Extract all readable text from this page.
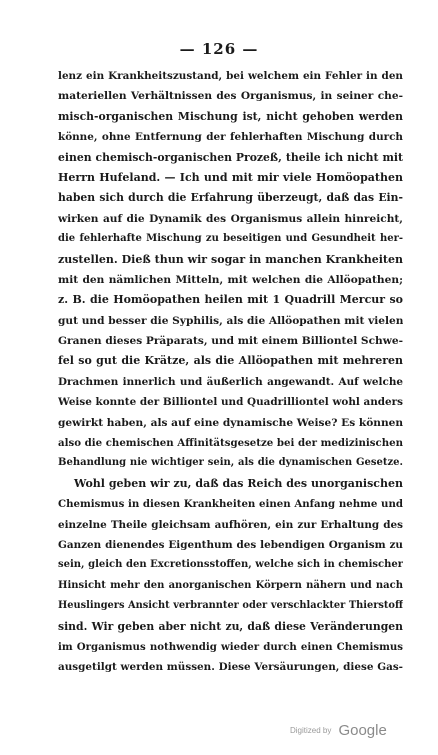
— 126 —
lenz ein Krankheitszustand, bei welchem ein Fehler in den
materiellen Verhältnissen des Organismus, in seiner che-
misch-organischen Mischung ist, nicht gehoben werden
könne, ohne Entfernung der fehlerhaften Mischung durch
einen chemisch-organischen Prozeß, theile ich nicht mit
Herrn Hufeland. — Ich und mit mir viele Homöopathen
haben sich durch die Erfahrung überzeugt, daß das Ein-
wirken auf die Dynamik des Organismus allein hinreicht,
die fehlerhafte Mischung zu beseitigen und Gesundheit her-
zustellen. Dieß thun wir sogar in manchen Krankheiten
mit den nämlichen Mitteln, mit welchen die Allöopathen;
z. B. die Homöopathen heilen mit 1 Quadrill Mercur so
gut und besser die Syphilis, als die Allöopathen mit vielen
Granen dieses Präparats, und mit einem Billiontel Schwe-
fel so gut die Krätze, als die Allöopathen mit mehreren
Drachmen innerlich und äußerlich angewandt. Auf welche
Weise konnte der Billiontel und Quadrilliontel wohl anders
gewirkt haben, als auf eine dynamische Weise? Es können
also die chemischen Affinitätsgesetze bei der medizinischen
Behandlung nie wichtiger sein, als die dynamischen Gesetze.
Wohl geben wir zu, daß das Reich des unorganischen
Chemismus in diesen Krankheiten einen Anfang nehme und
einzelne Theile gleichsam aufhören, ein zur Erhaltung des
Ganzen dienendes Eigenthum des lebendigen Organism zu
sein, gleich den Excretionsstoffen, welche sich in chemischer
Hinsicht mehr den anorganischen Körpern nähern und nach
Heuslingers Ansicht verbrannter oder verschlackter Thierstoff
sind. Wir geben aber nicht zu, daß diese Veränderungen
im Organismus nothwendig wieder durch einen Chemismus
ausgetilgt werden müssen. Diese Versäurungen, diese Gas-
Digitized by Google
